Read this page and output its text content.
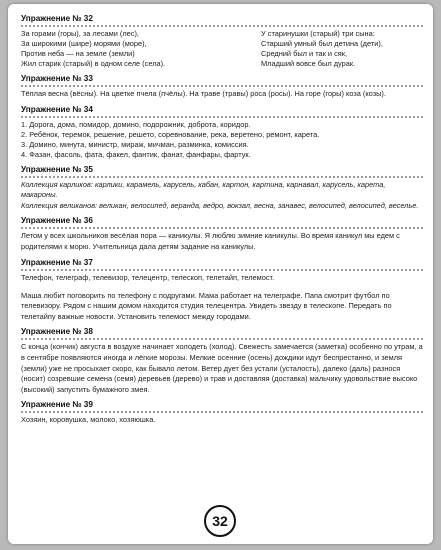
Упражнение № 32
За горами (горы), за лесами (лес),
За широкими (шире) морями (море),
Против неба — на земле (земли)
Жил старик (старый) в одном селе (села).
У старинушки (старый) три сына:
Старший умный был детина (дети),
Средний был и так и сяк,
Младший вовсе был дурак.
Упражнение № 33
Тёплая весна (вёсны). На цветке пчела (пчёлы). На траве (травы) роса (росы). На горе (горы) коза (козы).
Упражнение № 34
1. Дорога, дома, помидор, домино, подорожник, доброта, коридор.
2. Ребёнок, теремок, решение, решето, соревнование, река, веретено, ремонт, карета.
3. Домино, минута, министр, мираж, мичман, разминка, комиссия.
4. Фазан, фасоль, фата, факел, фантик, фанат, фанфары, фартук.
Упражнение № 35
Коллекция карликов: карлики, карамель, карусель, кабан, картон, картина, карнавал, карусель, карета, макароны.
Коллекция великанов: великан, велосипед, веранда, ведро, вокзал, весна, занавес, велосипед, велосипед, веселье.
Упражнение № 36
Летом у всех школьников весёлая пора — каникулы. Я люблю зимние каникулы. Во время каникул мы едем с родителями к морю. Учительница дала детям задание на каникулы.
Упражнение № 37
Телефон, телеграф, телевизор, телецентр, телескоп, телетайп, телемост.
Маша любит поговорить по телефону с подругами. Мама работает на телеграфе. Папа смотрит футбол по телевизору. Рядом с нашим домом находится студия телецентра. Увидеть звезду в телескопе. Передать по телетайпу важные новости. Установить телемост между городами.
Упражнение № 38
С конца (кончик) августа в воздухе начинает холодеть (холод). Свежесть замечается (заметка) особенно по утрам, а в сентябре появляются иногда и лёгкие морозы. Мелкие осенние (осень) дождики идут беспрестанно, и земля (земли) уже не просыхает скоро, как бывало летом. Ветер дует без устали (усталость), далеко (даль) разнося (носит) созревшие семена (семя) деревьев (дерево) и трав и доставляя (доставка) мальчику удовольствие высоко (высокий) запустить бумажного змея.
Упражнение № 39
Хозяин, коровушка, молоко, хозяюшка.
32
